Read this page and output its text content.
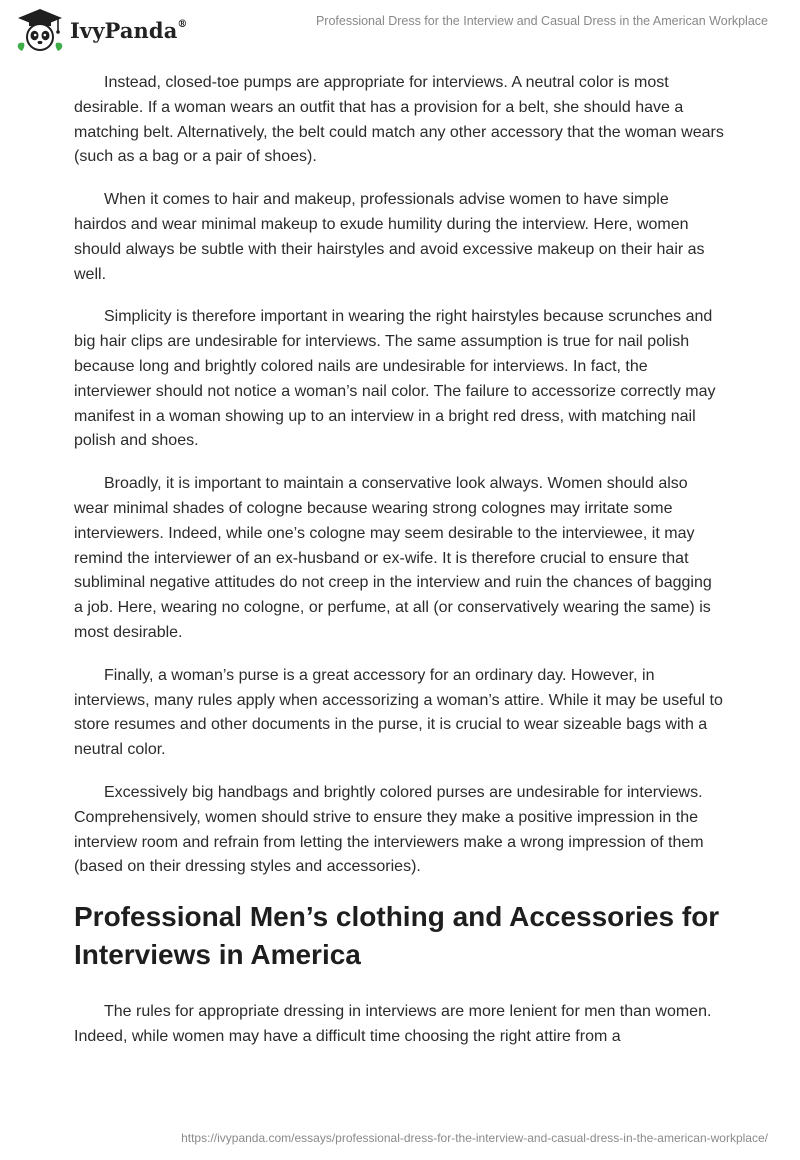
IvyPanda®	Professional Dress for the Interview and Casual Dress in the American Workplace

Instead, closed-toe pumps are appropriate for interviews. A neutral color is most desirable. If a woman wears an outfit that has a provision for a belt, she should have a matching belt. Alternatively, the belt could match any other accessory that the woman wears (such as a bag or a pair of shoes).

When it comes to hair and makeup, professionals advise women to have simple hairdos and wear minimal makeup to exude humility during the interview. Here, women should always be subtle with their hairstyles and avoid excessive makeup on their hair as well.

Simplicity is therefore important in wearing the right hairstyles because scrunches and big hair clips are undesirable for interviews. The same assumption is true for nail polish because long and brightly colored nails are undesirable for interviews. In fact, the interviewer should not notice a woman’s nail color. The failure to accessorize correctly may manifest in a woman showing up to an interview in a bright red dress, with matching nail polish and shoes.

Broadly, it is important to maintain a conservative look always. Women should also wear minimal shades of cologne because wearing strong colognes may irritate some interviewers. Indeed, while one’s cologne may seem desirable to the interviewee, it may remind the interviewer of an ex-husband or ex-wife. It is therefore crucial to ensure that subliminal negative attitudes do not creep in the interview and ruin the chances of bagging a job. Here, wearing no cologne, or perfume, at all (or conservatively wearing the same) is most desirable.

Finally, a woman’s purse is a great accessory for an ordinary day. However, in interviews, many rules apply when accessorizing a woman’s attire. While it may be useful to store resumes and other documents in the purse, it is crucial to wear sizeable bags with a neutral color.

Excessively big handbags and brightly colored purses are undesirable for interviews. Comprehensively, women should strive to ensure they make a positive impression in the interview room and refrain from letting the interviewers make a wrong impression of them (based on their dressing styles and accessories).

Professional Men’s clothing and Accessories for Interviews in America

The rules for appropriate dressing in interviews are more lenient for men than women. Indeed, while women may have a difficult time choosing the right attire from a

https://ivypanda.com/essays/professional-dress-for-the-interview-and-casual-dress-in-the-american-workplace/
